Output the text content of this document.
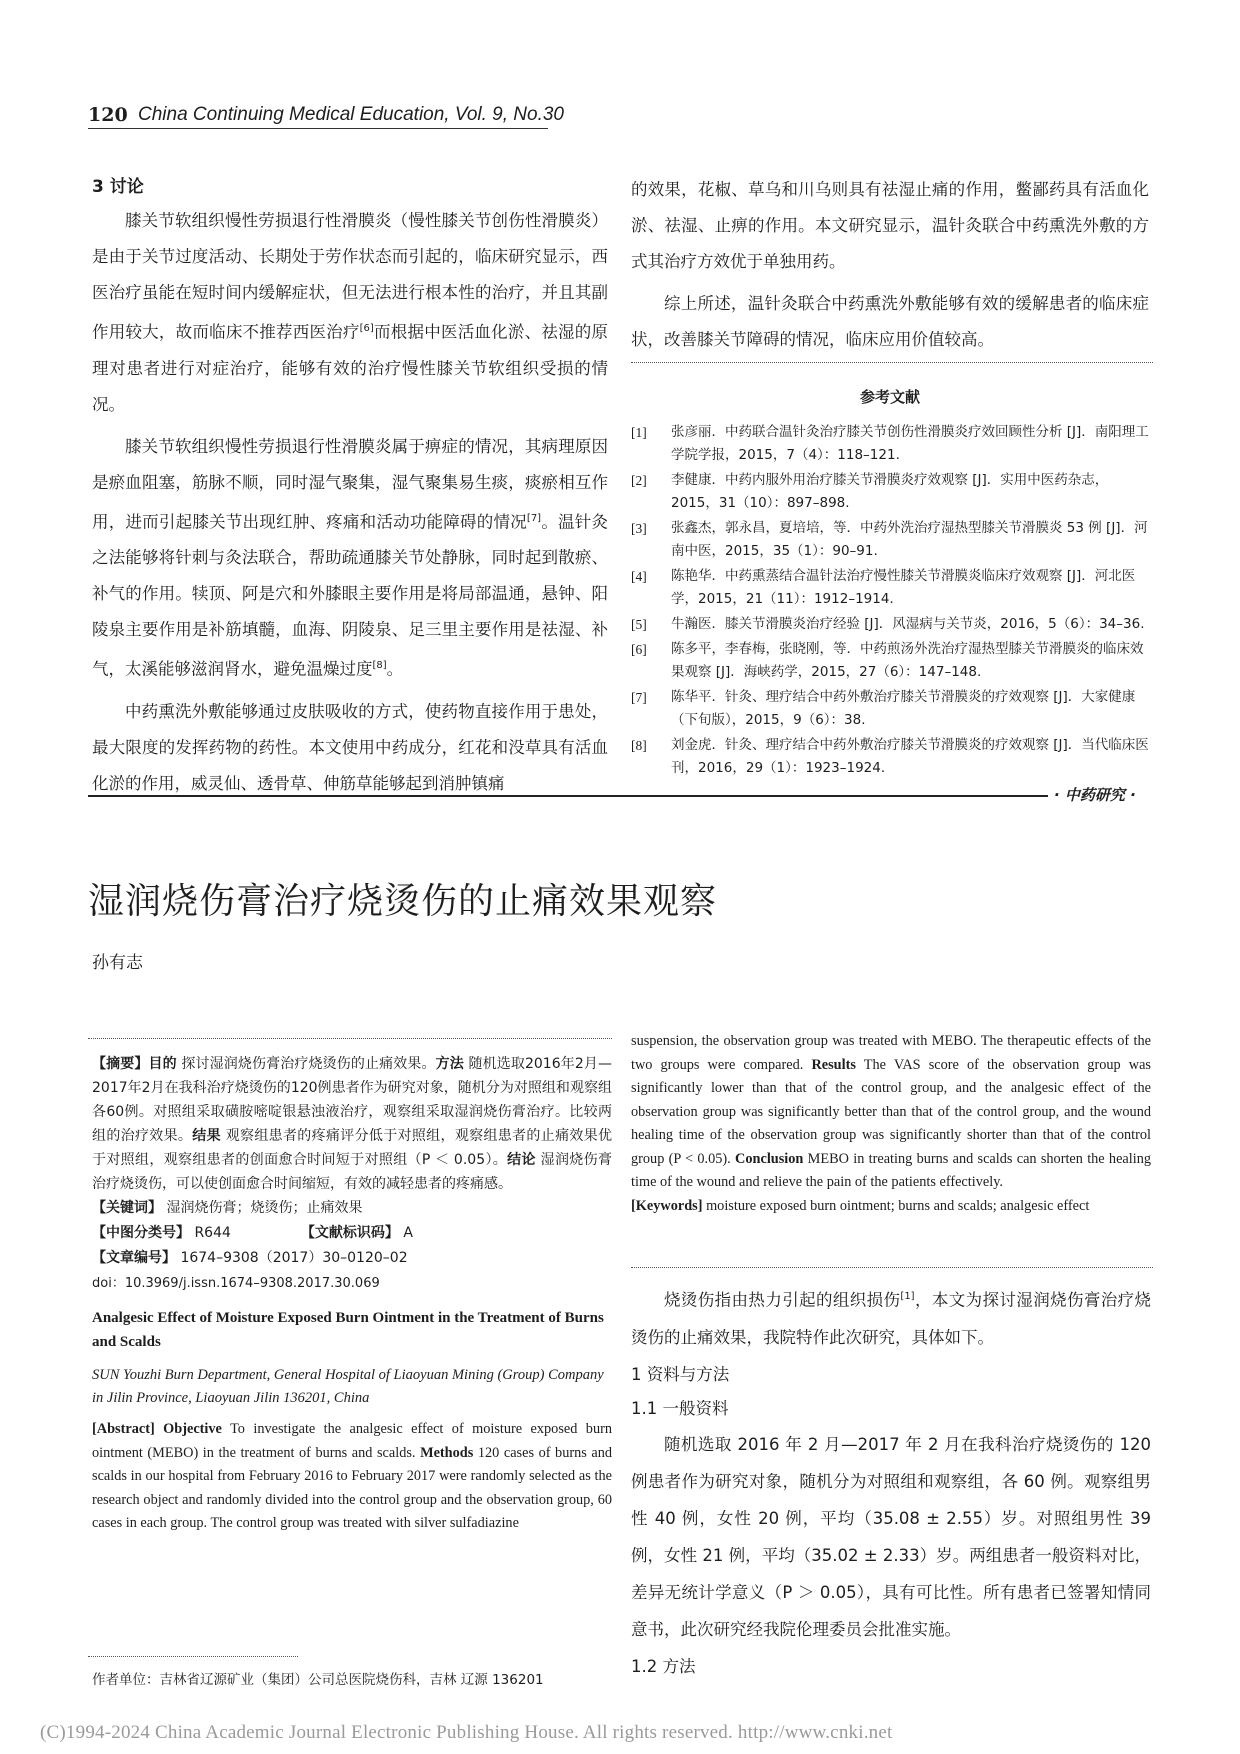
120 China Continuing Medical Education, Vol. 9, No.30

3 讨论

膝关节软组织慢性劳损退行性滑膜炎（慢性膝关节创伤性滑膜炎）是由于关节过度活动、长期处于劳作状态而引起的，临床研究显示，西医治疗虽能在短时间内缓解症状，但无法进行根本性的治疗，并且其副作用较大，故而临床不推荐西医治疗[6]而根据中医活血化淤、祛湿的原理对患者进行对症治疗，能够有效的治疗慢性膝关节软组织受损的情况。

膝关节软组织慢性劳损退行性滑膜炎属于痹症的情况，其病理原因是瘀血阻塞，筋脉不顺，同时湿气聚集，湿气聚集易生痰，痰瘀相互作用，进而引起膝关节出现红肿、疼痛和活动功能障碍的情况[7]。温针灸之法能够将针刺与灸法联合，帮助疏通膝关节处静脉，同时起到散瘀、补气的作用。犊顶、阿是穴和外膝眼主要作用是将局部温通，悬钟、阳陵泉主要作用是补筋填髓，血海、阴陵泉、足三里主要作用是祛湿、补气，太溪能够滋润肾水，避免温燥过度[8]。

中药熏洗外敷能够通过皮肤吸收的方式，使药物直接作用于患处，最大限度的发挥药物的药性。本文使用中药成分，红花和没草具有活血化淤的作用，威灵仙、透骨草、伸筋草能够起到消肿镇痛

的效果，花椒、草乌和川乌则具有祛湿止痛的作用，鳖鄙药具有活血化淤、祛湿、止痹的作用。本文研究显示，温针灸联合中药熏洗外敷的方式其治疗方效优于单独用药。

综上所述，温针灸联合中药熏洗外敷能够有效的缓解患者的临床症状，改善膝关节障碍的情况，临床应用价值较高。

参考文献
[1]	张彦丽．中药联合温针灸治疗膝关节创伤性滑膜炎疗效回顾性分析 [J]．南阳理工学院学报，2015，7（4）：118–121.
[2]	李健康．中药内服外用治疗膝关节滑膜炎疗效观察 [J]．实用中医药杂志，2015，31（10）：897–898.
[3]	张鑫杰，郭永昌，夏培培，等．中药外洗治疗湿热型膝关节滑膜炎 53 例 [J]．河南中医，2015，35（1）：90–91.
[4]	陈艳华．中药熏蒸结合温针法治疗慢性膝关节滑膜炎临床疗效观察 [J]．河北医学，2015，21（11）：1912–1914.
[5]	牛瀚医．膝关节滑膜炎治疗经验 [J]．风湿病与关节炎，2016，5（6）：34–36.
[6]	陈多平，李春梅，张晓刚，等．中药煎汤外洗治疗湿热型膝关节滑膜炎的临床效果观察 [J]．海峡药学，2015，27（6）：147–148.
[7]	陈华平．针灸、理疗结合中药外敷治疗膝关节滑膜炎的疗效观察 [J]．大家健康（下旬版），2015，9（6）：38.
[8]	刘金虎．针灸、理疗结合中药外敷治疗膝关节滑膜炎的疗效观察 [J]．当代临床医刊，2016，29（1）：1923–1924.
· 中药研究 ·
湿润烧伤膏治疗烧烫伤的止痛效果观察
孙有志

【摘要】目的 探讨湿润烧伤膏治疗烧烫伤的止痛效果。方法 随机选取2016年2月—2017年2月在我科治疗烧烫伤的120例患者作为研究对象，随机分为对照组和观察组各60例。对照组采取磺胺嘧啶银悬浊液治疗，观察组采取湿润烧伤膏治疗。比较两组的治疗效果。结果 观察组患者的疼痛评分低于对照组，观察组患者的止痛效果优于对照组，观察组患者的创面愈合时间短于对照组（P ＜ 0.05）。结论 湿润烧伤膏治疗烧烫伤，可以使创面愈合时间缩短，有效的减轻患者的疼痛感。

【关键词】 湿润烧伤膏；烧烫伤；止痛效果

【中图分类号】 R644	【文献标识码】 A

【文章编号】 1674–9308（2017）30–0120–02

doi：10.3969/j.issn.1674–9308.2017.30.069

Analgesic Effect of Moisture Exposed Burn Ointment in the Treatment of Burns and Scalds

SUN Youzhi Burn Department, General Hospital of Liaoyuan Mining (Group) Company in Jilin Province, Liaoyuan Jilin 136201, China

[Abstract] Objective To investigate the analgesic effect of moisture exposed burn ointment (MEBO) in the treatment of burns and scalds. Methods 120 cases of burns and scalds in our hospital from February 2016 to February 2017 were randomly selected as the research object and randomly divided into the control group and the observation group, 60 cases in each group. The control group was treated with silver sulfadiazine

作者单位：吉林省辽源矿业（集团）公司总医院烧伤科，吉林 辽源 136201

suspension, the observation group was treated with MEBO. The therapeutic effects of the two groups were compared. Results The VAS score of the observation group was significantly lower than that of the control group, and the analgesic effect of the observation group was significantly better than that of the control group, and the wound healing time of the observation group was significantly shorter than that of the control group (P < 0.05). Conclusion MEBO in treating burns and scalds can shorten the healing time of the wound and relieve the pain of the patients effectively.

[Keywords] moisture exposed burn ointment; burns and scalds; analgesic effect

烧烫伤指由热力引起的组织损伤[1]，本文为探讨湿润烧伤膏治疗烧烫伤的止痛效果，我院特作此次研究，具体如下。

1 资料与方法

1.1 一般资料

随机选取 2016 年 2 月—2017 年 2 月在我科治疗烧烫伤的 120 例患者作为研究对象，随机分为对照组和观察组，各 60 例。观察组男性 40 例，女性 20 例，平均（35.08 ± 2.55）岁。对照组男性 39 例，女性 21 例，平均（35.02 ± 2.33）岁。两组患者一般资料对比，差异无统计学意义（P ＞ 0.05），具有可比性。所有患者已签署知情同意书，此次研究经我院伦理委员会批准实施。

1.2 方法

(C)1994-2024 China Academic Journal Electronic Publishing House. All rights reserved. http://www.cnki.net
